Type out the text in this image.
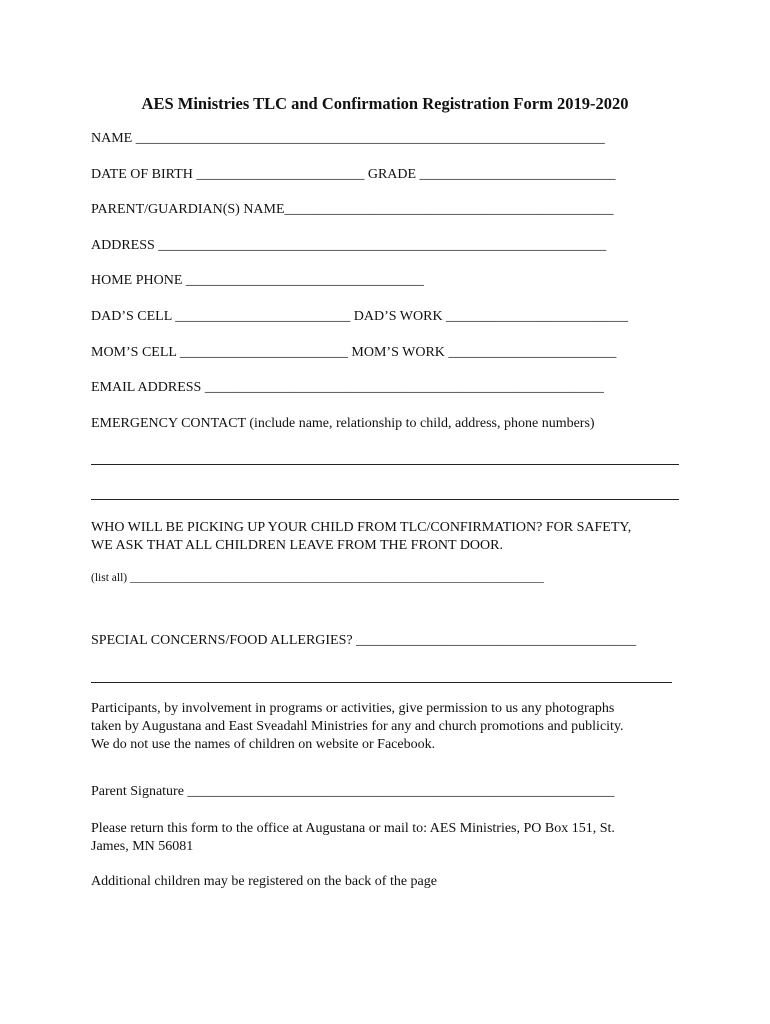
AES Ministries TLC and Confirmation Registration Form 2019-2020
NAME ___________________________________________________________________
DATE OF BIRTH ________________________ GRADE ____________________________
PARENT/GUARDIAN(S) NAME_______________________________________________
ADDRESS ________________________________________________________________
HOME PHONE __________________________________
DAD’S CELL _________________________ DAD’S WORK __________________________
MOM’S CELL ________________________ MOM’S WORK ________________________
EMAIL ADDRESS _________________________________________________________
EMERGENCY CONTACT (include name, relationship to child, address, phone numbers)
WHO WILL BE PICKING UP YOUR CHILD FROM TLC/CONFIRMATION? FOR SAFETY,
WE ASK THAT ALL CHILDREN LEAVE FROM THE FRONT DOOR.
(list all) ________________________________________________________________________
SPECIAL CONCERNS/FOOD ALLERGIES? ________________________________________
Participants, by involvement in programs or activities, give permission to us any photographs
taken by Augustana and East Sveadahl Ministries for any and church promotions and publicity.
We do not use the names of children on website or Facebook.
Parent Signature _____________________________________________________________
Please return this form to the office at Augustana or mail to: AES Ministries, PO Box 151, St.
James, MN 56081
Additional children may be registered on the back of the page
